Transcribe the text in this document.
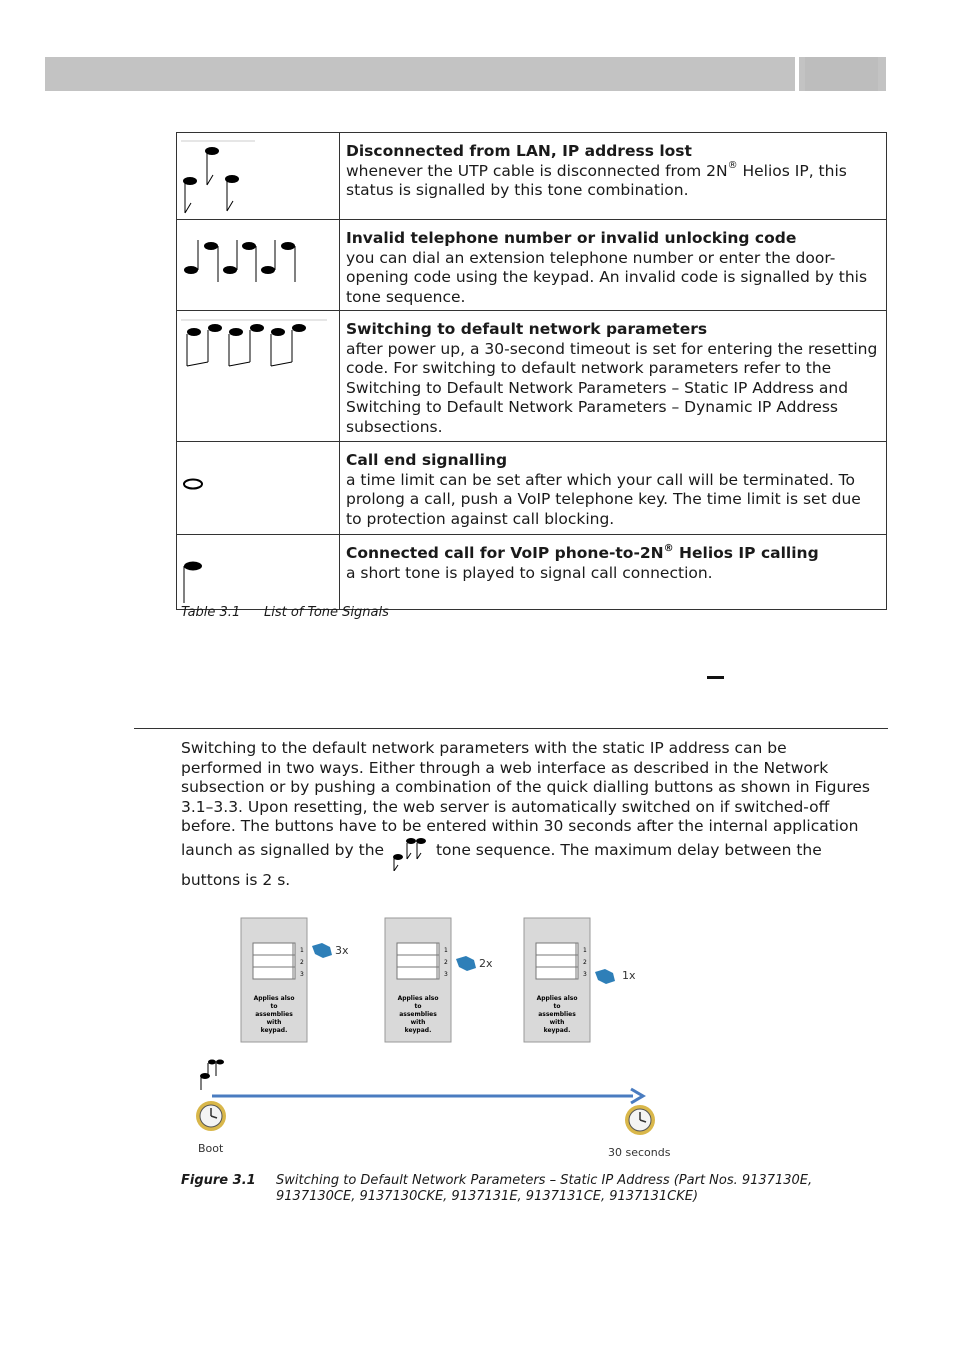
Disconnected from LAN, IP address lost
whenever the UTP cable is disconnected from 2N® Helios IP, this status is signalled by this tone combination.

Invalid telephone number or invalid unlocking code
you can dial an extension telephone number or enter the door-opening code using the keypad. An invalid code is signalled by this tone sequence.

Switching to default network parameters
after power up, a 30-second timeout is set for entering the resetting code. For switching to default network parameters refer to the Switching to Default Network Parameters – Static IP Address and Switching to Default Network Parameters – Dynamic IP Address subsections.

Call end signalling
a time limit can be set after which your call will be terminated. To prolong a call, push a VoIP telephone key. The time limit is set due to protection against call blocking.

Connected call for VoIP phone-to-2N® Helios IP calling
a short tone is played to signal call connection.
Table 3.1 List of Tone Signals
Switching to the default network parameters with the static IP address can be performed in two ways. Either through a web interface as described in the Network subsection or by pushing a combination of the quick dialling buttons as shown in Figures 3.1–3.3. Upon resetting, the web server is automatically switched on if switched-off before. The buttons have to be entered within 30 seconds after the internal application launch as signalled by the	tone sequence. The maximum delay between the buttons is 2 s.
1
2
3
Applies also
to
assemblies
with
keypad.
3x	1
2
3
Applies also
to
assemblies
with
keypad.
2x
1
2
3
Applies also
to
assemblies
with
keypad.
1x
Boot	30 seconds
Figure 3.1 Switching to Default Network Parameters – Static IP Address (Part Nos. 9137130E,
9137130CE, 9137130CKE, 9137131E, 9137131CE, 9137131CKE)
